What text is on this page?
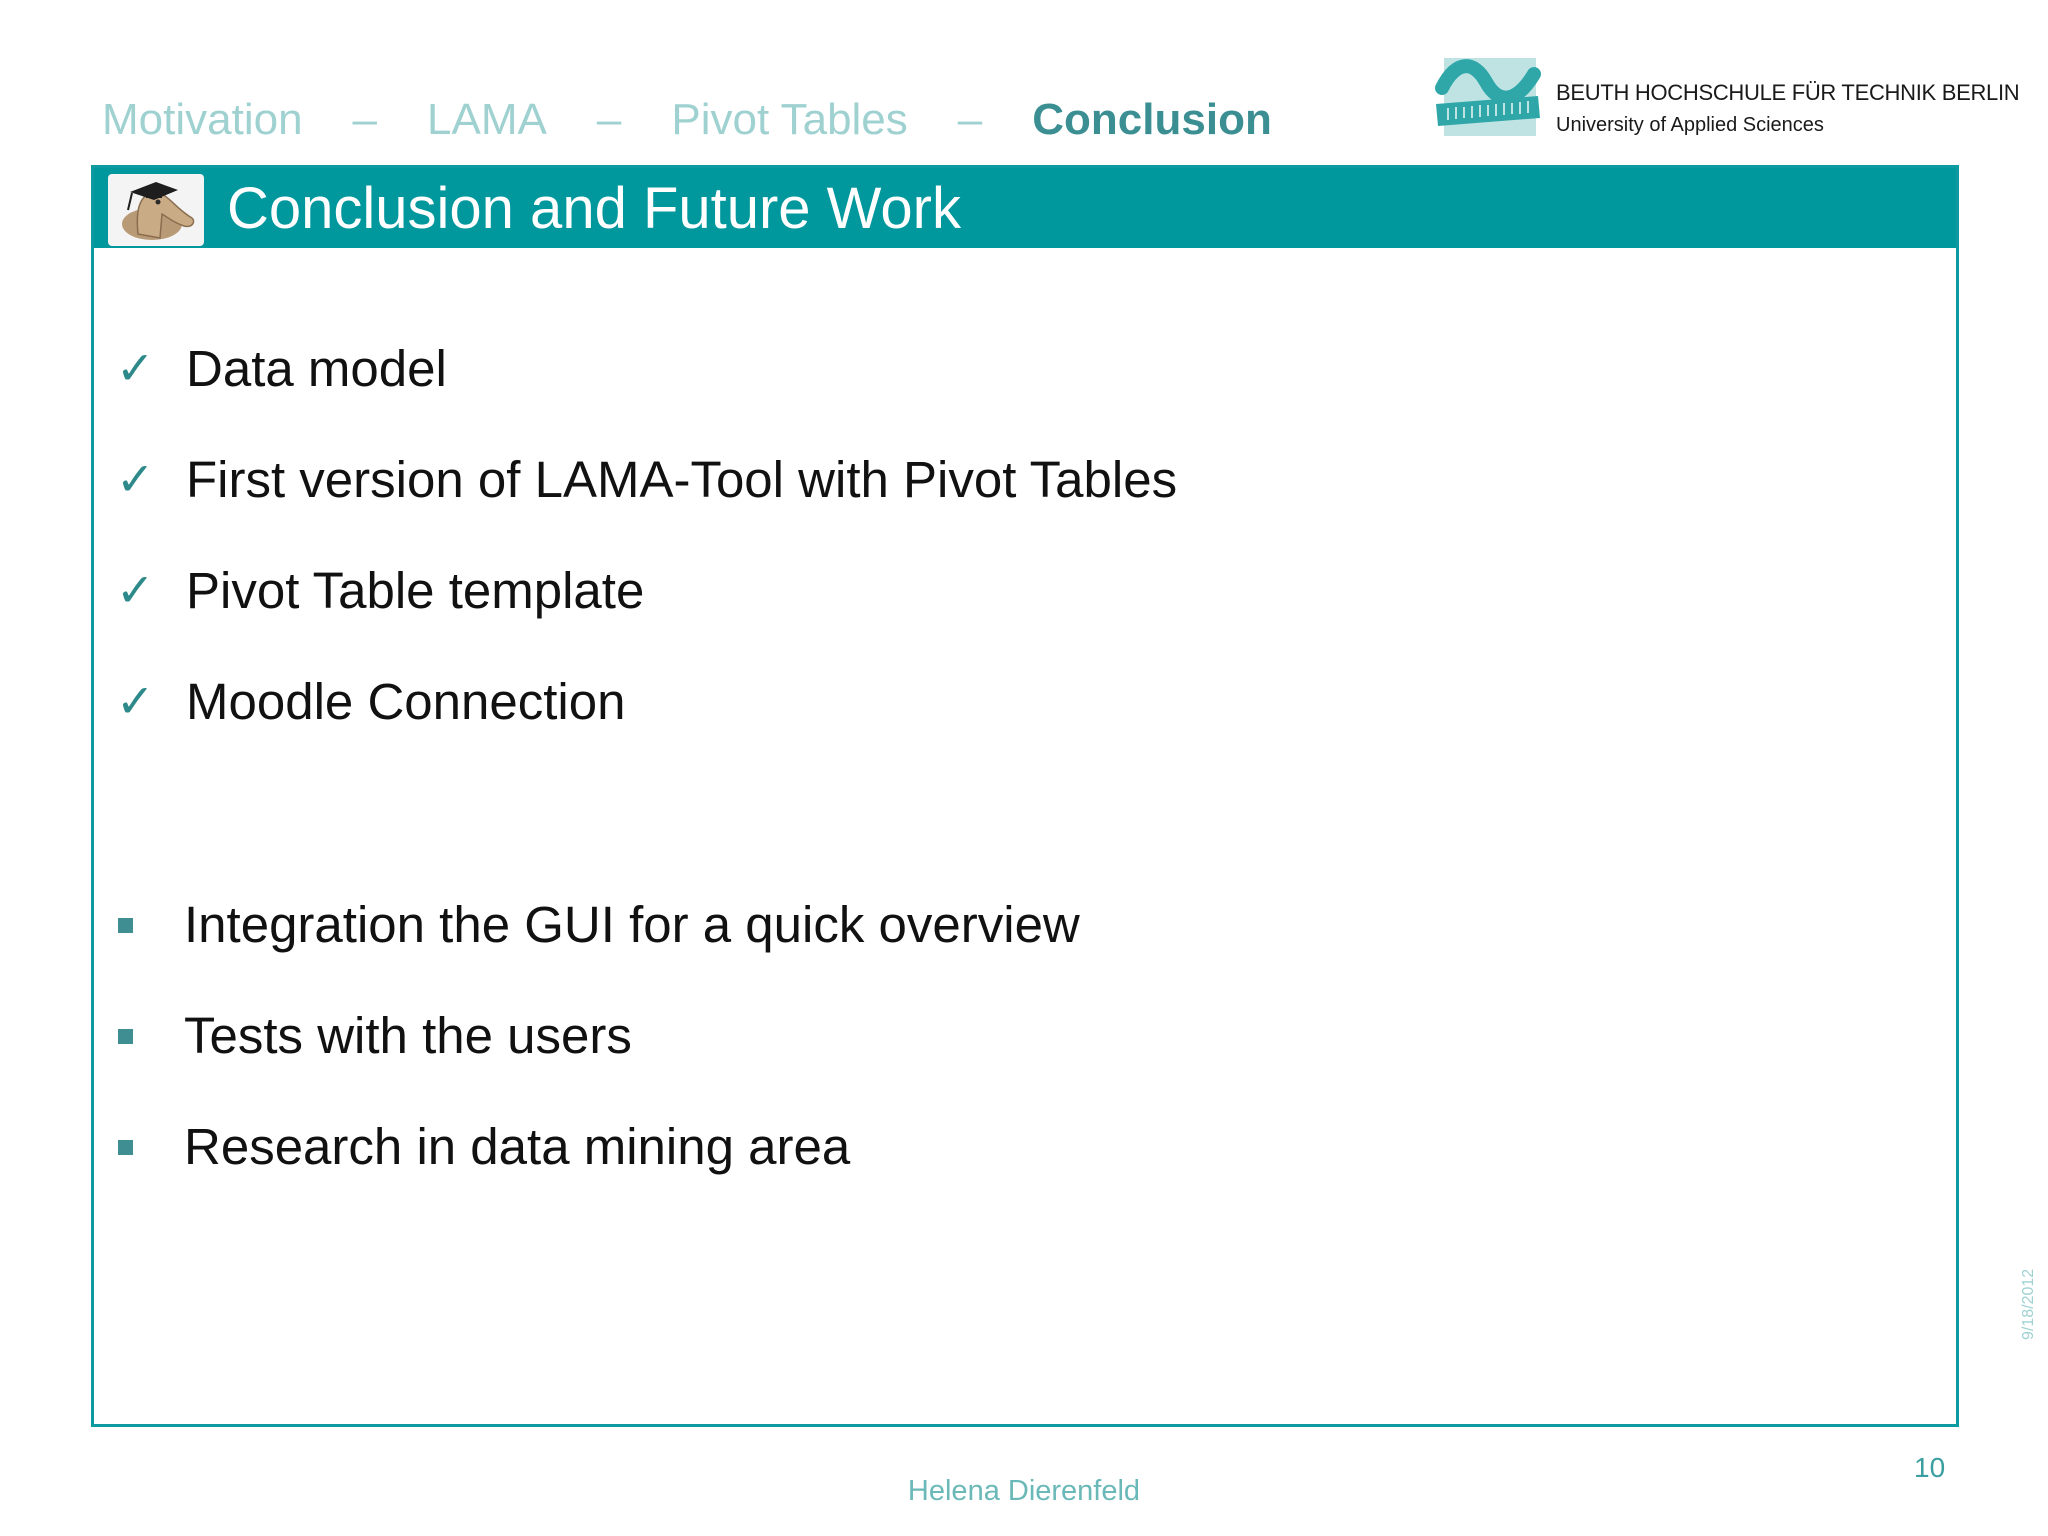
Motivation – LAMA – Pivot Tables – Conclusion
BEUTH HOCHSCHULE FÜR TECHNIK BERLIN
University of Applied Sciences
Conclusion and Future Work
✓ Data model
✓ First version of LAMA-Tool with Pivot Tables
✓ Pivot Table template
✓ Moodle Connection
Integration the GUI for a quick overview
Tests with the users
Research in data mining area
10
Helena Dierenfeld
9/18/2012
